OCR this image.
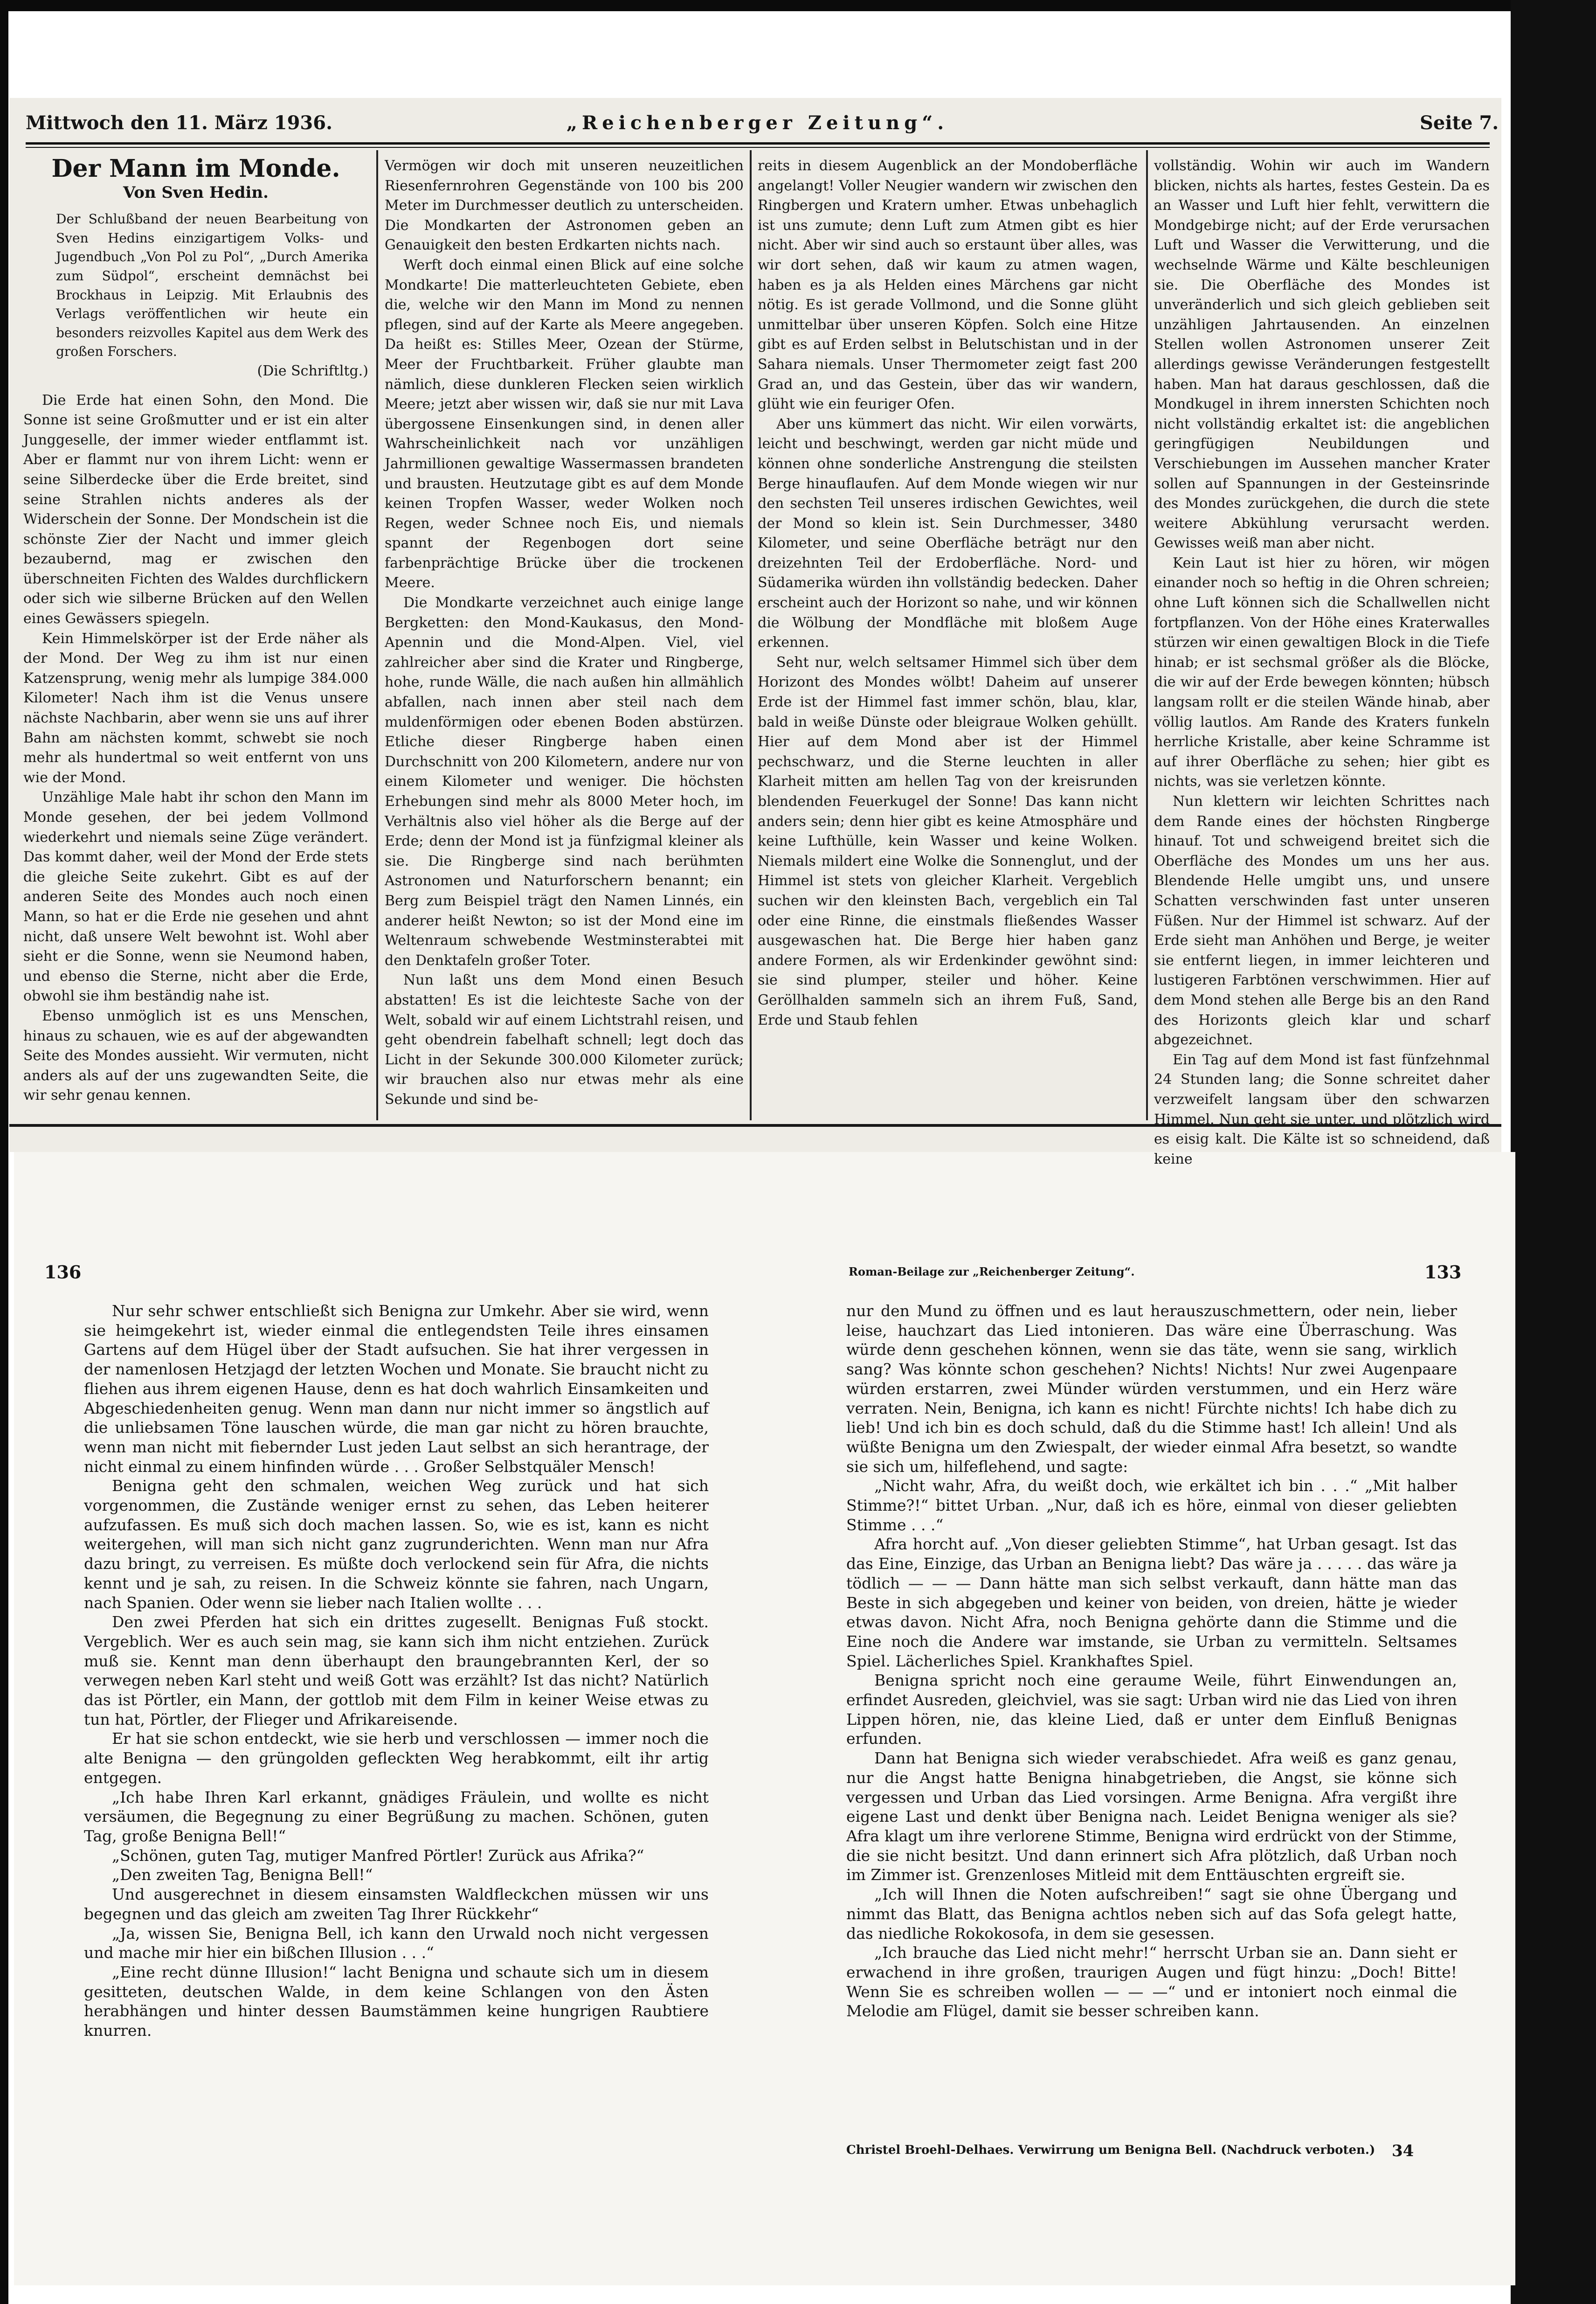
Mittwoch den 11. März 1936.	„Reichenberger Zeitung“.	Seite 7.
Der Mann im Monde.

Von Sven Hedin.

Der Schlußband der neuen Bearbeitung von Sven Hedins einzigartigem Volks- und Jugendbuch „Von Pol zu Pol“, „Durch Amerika zum Südpol“, erscheint demnächst bei Brockhaus in Leipzig. Mit Erlaubnis des Verlags veröffentlichen wir heute ein besonders reizvolles Kapitel aus dem Werk des großen Forschers.

(Die Schriftltg.)

Die Erde hat einen Sohn, den Mond. Die Sonne ist seine Großmutter und er ist ein alter Junggeselle, der immer wieder entflammt ist. Aber er flammt nur von ihrem Licht: wenn er seine Silberdecke über die Erde breitet, sind seine Strahlen nichts anderes als der Widerschein der Sonne. Der Mondschein ist die schönste Zier der Nacht und immer gleich bezaubernd, mag er zwischen den überschneiten Fichten des Waldes durchflickern oder sich wie silberne Brücken auf den Wellen eines Gewässers spiegeln.

Kein Himmelskörper ist der Erde näher als der Mond. Der Weg zu ihm ist nur einen Katzensprung, wenig mehr als lumpige 384.000 Kilometer! Nach ihm ist die Venus unsere nächste Nachbarin, aber wenn sie uns auf ihrer Bahn am nächsten kommt, schwebt sie noch mehr als hundertmal so weit entfernt von uns wie der Mond.

Unzählige Male habt ihr schon den Mann im Monde gesehen, der bei jedem Vollmond wiederkehrt und niemals seine Züge verändert. Das kommt daher, weil der Mond der Erde stets die gleiche Seite zukehrt. Gibt es auf der anderen Seite des Mondes auch noch einen Mann, so hat er die Erde nie gesehen und ahnt nicht, daß unsere Welt bewohnt ist. Wohl aber sieht er die Sonne, wenn sie Neumond haben, und ebenso die Sterne, nicht aber die Erde, obwohl sie ihm beständig nahe ist.

Ebenso unmöglich ist es uns Menschen, hinaus zu schauen, wie es auf der abgewandten Seite des Mondes aussieht. Wir vermuten, nicht anders als auf der uns zugewandten Seite, die wir sehr genau kennen.

Vermögen wir doch mit unseren neuzeitlichen Riesenfernrohren Gegenstände von 100 bis 200 Meter im Durchmesser deutlich zu unterscheiden. Die Mondkarten der Astronomen geben an Genauigkeit den besten Erdkarten nichts nach.

Werft doch einmal einen Blick auf eine solche Mondkarte! Die matterleuchteten Gebiete, eben die, welche wir den Mann im Mond zu nennen pflegen, sind auf der Karte als Meere angegeben. Da heißt es: Stilles Meer, Ozean der Stürme, Meer der Fruchtbarkeit. Früher glaubte man nämlich, diese dunkleren Flecken seien wirklich Meere; jetzt aber wissen wir, daß sie nur mit Lava übergossene Einsenkungen sind, in denen aller Wahrscheinlichkeit nach vor unzähligen Jahrmillionen gewaltige Wassermassen brandeten und brausten. Heutzutage gibt es auf dem Monde keinen Tropfen Wasser, weder Wolken noch Regen, weder Schnee noch Eis, und niemals spannt der Regenbogen dort seine farbenprächtige Brücke über die trockenen Meere.

Die Mondkarte verzeichnet auch einige lange Bergketten: den Mond-Kaukasus, den Mond-Apennin und die Mond-Alpen. Viel, viel zahlreicher aber sind die Krater und Ringberge, hohe, runde Wälle, die nach außen hin allmählich abfallen, nach innen aber steil nach dem muldenförmigen oder ebenen Boden abstürzen. Etliche dieser Ringberge haben einen Durchschnitt von 200 Kilometern, andere nur von einem Kilometer und weniger. Die höchsten Erhebungen sind mehr als 8000 Meter hoch, im Verhältnis also viel höher als die Berge auf der Erde; denn der Mond ist ja fünfzigmal kleiner als sie. Die Ringberge sind nach berühmten Astronomen und Naturforschern benannt; ein Berg zum Beispiel trägt den Namen Linnés, ein anderer heißt Newton; so ist der Mond eine im Weltenraum schwebende Westminsterabtei mit den Denktafeln großer Toter.

Nun laßt uns dem Mond einen Besuch abstatten! Es ist die leichteste Sache von der Welt, sobald wir auf einem Lichtstrahl reisen, und geht obendrein fabelhaft schnell; legt doch das Licht in der Sekunde 300.000 Kilometer zurück; wir brauchen also nur etwas mehr als eine Sekunde und sind be-

reits in diesem Augenblick an der Mondoberfläche angelangt! Voller Neugier wandern wir zwischen den Ringbergen und Kratern umher. Etwas unbehaglich ist uns zumute; denn Luft zum Atmen gibt es hier nicht. Aber wir sind auch so erstaunt über alles, was wir dort sehen, daß wir kaum zu atmen wagen, haben es ja als Helden eines Märchens gar nicht nötig. Es ist gerade Vollmond, und die Sonne glüht unmittelbar über unseren Köpfen. Solch eine Hitze gibt es auf Erden selbst in Belutschistan und in der Sahara niemals. Unser Thermometer zeigt fast 200 Grad an, und das Gestein, über das wir wandern, glüht wie ein feuriger Ofen.

Aber uns kümmert das nicht. Wir eilen vorwärts, leicht und beschwingt, werden gar nicht müde und können ohne sonderliche Anstrengung die steilsten Berge hinauflaufen. Auf dem Monde wiegen wir nur den sechsten Teil unseres irdischen Gewichtes, weil der Mond so klein ist. Sein Durchmesser, 3480 Kilometer, und seine Oberfläche beträgt nur den dreizehnten Teil der Erdoberfläche. Nord- und Südamerika würden ihn vollständig bedecken. Daher erscheint auch der Horizont so nahe, und wir können die Wölbung der Mondfläche mit bloßem Auge erkennen.

Seht nur, welch seltsamer Himmel sich über dem Horizont des Mondes wölbt! Daheim auf unserer Erde ist der Himmel fast immer schön, blau, klar, bald in weiße Dünste oder bleigraue Wolken gehüllt. Hier auf dem Mond aber ist der Himmel pechschwarz, und die Sterne leuchten in aller Klarheit mitten am hellen Tag von der kreisrunden blendenden Feuerkugel der Sonne! Das kann nicht anders sein; denn hier gibt es keine Atmosphäre und keine Lufthülle, kein Wasser und keine Wolken. Niemals mildert eine Wolke die Sonnenglut, und der Himmel ist stets von gleicher Klarheit. Vergeblich suchen wir den kleinsten Bach, vergeblich ein Tal oder eine Rinne, die einstmals fließendes Wasser ausgewaschen hat. Die Berge hier haben ganz andere Formen, als wir Erdenkinder gewöhnt sind: sie sind plumper, steiler und höher. Keine Geröllhalden sammeln sich an ihrem Fuß, Sand, Erde und Staub fehlen

vollständig. Wohin wir auch im Wandern blicken, nichts als hartes, festes Gestein. Da es an Wasser und Luft hier fehlt, verwittern die Mondgebirge nicht; auf der Erde verursachen Luft und Wasser die Verwitterung, und die wechselnde Wärme und Kälte beschleunigen sie. Die Oberfläche des Mondes ist unveränderlich und sich gleich geblieben seit unzähligen Jahrtausenden. An einzelnen Stellen wollen Astronomen unserer Zeit allerdings gewisse Veränderungen festgestellt haben. Man hat daraus geschlossen, daß die Mondkugel in ihrem innersten Schichten noch nicht vollständig erkaltet ist: die angeblichen geringfügigen Neubildungen und Verschiebungen im Aussehen mancher Krater sollen auf Spannungen in der Gesteinsrinde des Mondes zurückgehen, die durch die stete weitere Abkühlung verursacht werden. Gewisses weiß man aber nicht.

Kein Laut ist hier zu hören, wir mögen einander noch so heftig in die Ohren schreien; ohne Luft können sich die Schallwellen nicht fortpflanzen. Von der Höhe eines Kraterwalles stürzen wir einen gewaltigen Block in die Tiefe hinab; er ist sechsmal größer als die Blöcke, die wir auf der Erde bewegen könnten; hübsch langsam rollt er die steilen Wände hinab, aber völlig lautlos. Am Rande des Kraters funkeln herrliche Kristalle, aber keine Schramme ist auf ihrer Oberfläche zu sehen; hier gibt es nichts, was sie verletzen könnte.

Nun klettern wir leichten Schrittes nach dem Rande eines der höchsten Ringberge hinauf. Tot und schweigend breitet sich die Oberfläche des Mondes um uns her aus. Blendende Helle umgibt uns, und unsere Schatten verschwinden fast unter unseren Füßen. Nur der Himmel ist schwarz. Auf der Erde sieht man Anhöhen und Berge, je weiter sie entfernt liegen, in immer leichteren und lustigeren Farbtönen verschwimmen. Hier auf dem Mond stehen alle Berge bis an den Rand des Horizonts gleich klar und scharf abgezeichnet.

Ein Tag auf dem Mond ist fast fünfzehnmal 24 Stunden lang; die Sonne schreitet daher verzweifelt langsam über den schwarzen Himmel. Nun geht sie unter, und plötzlich wird es eisig kalt. Die Kälte ist so schneidend, daß keine

136

Nur sehr schwer entschließt sich Benigna zur Umkehr. Aber sie wird, wenn sie heimgekehrt ist, wieder einmal die entlegendsten Teile ihres einsamen Gartens auf dem Hügel über der Stadt aufsuchen. Sie hat ihrer vergessen in der namenlosen Hetzjagd der letzten Wochen und Monate. Sie braucht nicht zu fliehen aus ihrem eigenen Hause, denn es hat doch wahrlich Einsamkeiten und Abgeschiedenheiten genug. Wenn man dann nur nicht immer so ängstlich auf die unliebsamen Töne lauschen würde, die man gar nicht zu hören brauchte, wenn man nicht mit fiebernder Lust jeden Laut selbst an sich herantrage, der nicht einmal zu einem hinfinden würde . . . Großer Selbstquäler Mensch!

Benigna geht den schmalen, weichen Weg zurück und hat sich vorgenommen, die Zustände weniger ernst zu sehen, das Leben heiterer aufzufassen. Es muß sich doch machen lassen. So, wie es ist, kann es nicht weitergehen, will man sich nicht ganz zugrunderichten. Wenn man nur Afra dazu bringt, zu verreisen. Es müßte doch verlockend sein für Afra, die nichts kennt und je sah, zu reisen. In die Schweiz könnte sie fahren, nach Ungarn, nach Spanien. Oder wenn sie lieber nach Italien wollte . . .

Den zwei Pferden hat sich ein drittes zugesellt. Benignas Fuß stockt. Vergeblich. Wer es auch sein mag, sie kann sich ihm nicht entziehen. Zurück muß sie. Kennt man denn überhaupt den braungebrannten Kerl, der so verwegen neben Karl steht und weiß Gott was erzählt? Ist das nicht? Natürlich das ist Pörtler, ein Mann, der gottlob mit dem Film in keiner Weise etwas zu tun hat, Pörtler, der Flieger und Afrikareisende.

Er hat sie schon entdeckt, wie sie herb und verschlossen — immer noch die alte Benigna — den grüngolden gefleckten Weg herabkommt, eilt ihr artig entgegen.

„Ich habe Ihren Karl erkannt, gnädiges Fräulein, und wollte es nicht versäumen, die Begegnung zu einer Begrüßung zu machen. Schönen, guten Tag, große Benigna Bell!“

„Schönen, guten Tag, mutiger Manfred Pörtler! Zurück aus Afrika?“

„Den zweiten Tag, Benigna Bell!“

Und ausgerechnet in diesem einsamsten Waldfleckchen müssen wir uns begegnen und das gleich am zweiten Tag Ihrer Rückkehr“

„Ja, wissen Sie, Benigna Bell, ich kann den Urwald noch nicht vergessen und mache mir hier ein bißchen Illusion . . .“

„Eine recht dünne Illusion!“ lacht Benigna und schaute sich um in diesem gesitteten, deutschen Walde, in dem keine Schlangen von den Ästen herabhängen und hinter dessen Baumstämmen keine hungrigen Raubtiere knurren.

Roman-Beilage zur „Reichenberger Zeitung“.	133

nur den Mund zu öffnen und es laut herauszuschmettern, oder nein, lieber leise, hauchzart das Lied intonieren. Das wäre eine Überraschung. Was würde denn geschehen können, wenn sie das täte, wenn sie sang, wirklich sang? Was könnte schon geschehen? Nichts! Nichts! Nur zwei Augenpaare würden erstarren, zwei Münder würden verstummen, und ein Herz wäre verraten. Nein, Benigna, ich kann es nicht! Fürchte nichts! Ich habe dich zu lieb! Und ich bin es doch schuld, daß du die Stimme hast! Ich allein! Und als wüßte Benigna um den Zwiespalt, der wieder einmal Afra besetzt, so wandte sie sich um, hilfeflehend, und sagte:

„Nicht wahr, Afra, du weißt doch, wie erkältet ich bin . . .“ „Mit halber Stimme?!“ bittet Urban. „Nur, daß ich es höre, einmal von dieser geliebten Stimme . . .“

Afra horcht auf. „Von dieser geliebten Stimme“, hat Urban gesagt. Ist das das Eine, Einzige, das Urban an Benigna liebt? Das wäre ja . . . . . das wäre ja tödlich — — — Dann hätte man sich selbst verkauft, dann hätte man das Beste in sich abgegeben und keiner von beiden, von dreien, hätte je wieder etwas davon. Nicht Afra, noch Benigna gehörte dann die Stimme und die Eine noch die Andere war imstande, sie Urban zu vermitteln. Seltsames Spiel. Lächerliches Spiel. Krankhaftes Spiel.

Benigna spricht noch eine geraume Weile, führt Einwendungen an, erfindet Ausreden, gleichviel, was sie sagt: Urban wird nie das Lied von ihren Lippen hören, nie, das kleine Lied, daß er unter dem Einfluß Benignas erfunden.

Dann hat Benigna sich wieder verabschiedet. Afra weiß es ganz genau, nur die Angst hatte Benigna hinabgetrieben, die Angst, sie könne sich vergessen und Urban das Lied vorsingen. Arme Benigna. Afra vergißt ihre eigene Last und denkt über Benigna nach. Leidet Benigna weniger als sie? Afra klagt um ihre verlorene Stimme, Benigna wird erdrückt von der Stimme, die sie nicht besitzt. Und dann erinnert sich Afra plötzlich, daß Urban noch im Zimmer ist. Grenzenloses Mitleid mit dem Enttäuschten ergreift sie.

„Ich will Ihnen die Noten aufschreiben!“ sagt sie ohne Übergang und nimmt das Blatt, das Benigna achtlos neben sich auf das Sofa gelegt hatte, das niedliche Rokokosofa, in dem sie gesessen.

„Ich brauche das Lied nicht mehr!“ herrscht Urban sie an. Dann sieht er erwachend in ihre großen, traurigen Augen und fügt hinzu: „Doch! Bitte! Wenn Sie es schreiben wollen — — —“ und er intoniert noch einmal die Melodie am Flügel, damit sie besser schreiben kann.

Christel Broehl-Delhaes. Verwirrung um Benigna Bell. (Nachdruck verboten.) 34
